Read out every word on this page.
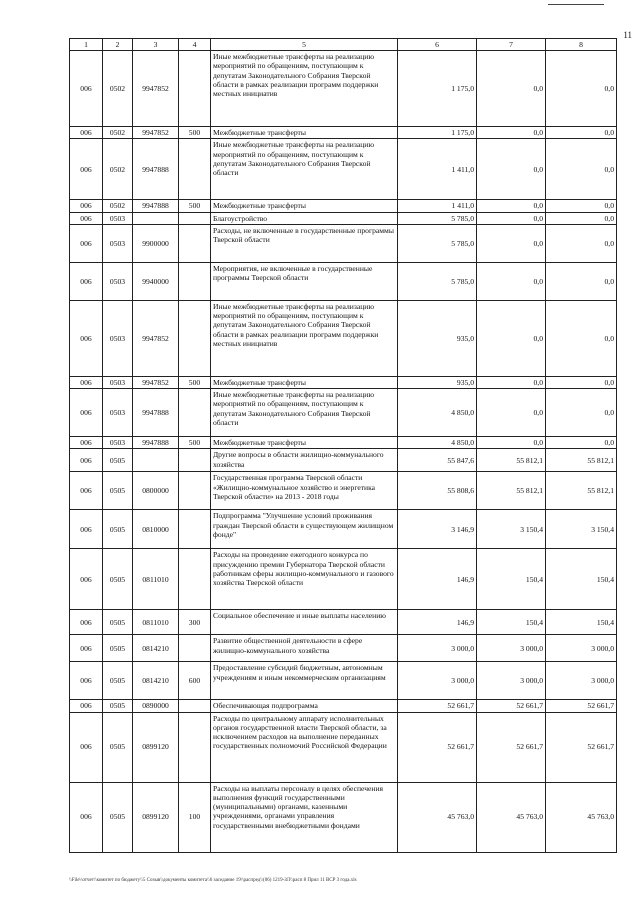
11
1	2	3	4	5	6	7	8
006	0502	9947852		Иные межбюджетные трансферты на реализацию мероприятий по обращениям, поступающим к депутатам Законодательного Собрания Тверской области в рамках реализации программ поддержки местных инициатив	1 175,0	0,0	0,0
006	0502	9947852	500	Межбюджетные трансферты	1 175,0	0,0	0,0
006	0502	9947888		Иные межбюджетные трансферты на реализацию мероприятий по обращениям, поступающим к депутатам Законодательного Собрания Тверской области	1 411,0	0,0	0,0
006	0502	9947888	500	Межбюджетные трансферты	1 411,0	0,0	0,0
006	0503			Благоустройство	5 785,0	0,0	0,0
006	0503	9900000		Расходы, не включенные в государственные программы Тверской области	5 785,0	0,0	0,0
006	0503	9940000		Мероприятия, не включенные в государственные программы Тверской области	5 785,0	0,0	0,0
006	0503	9947852		Иные межбюджетные трансферты на реализацию мероприятий по обращениям, поступающим к депутатам Законодательного Собрания Тверской области в рамках реализации программ поддержки местных инициатив	935,0	0,0	0,0
006	0503	9947852	500	Межбюджетные трансферты	935,0	0,0	0,0
006	0503	9947888		Иные межбюджетные трансферты на реализацию мероприятий по обращениям, поступающим к депутатам Законодательного Собрания Тверской области	4 850,0	0,0	0,0
006	0503	9947888	500	Межбюджетные трансферты	4 850,0	0,0	0,0
006	0505			Другие вопросы в области жилищно-коммунального хозяйства	55 847,6	55 812,1	55 812,1
006	0505	0800000		Государственная программа Тверской области «Жилищно-коммунальное хозяйство и энергетика Тверской области» на 2013 - 2018 годы	55 808,6	55 812,1	55 812,1
006	0505	0810000		Подпрограмма "Улучшение условий проживания граждан Тверской области в существующем жилищном фонде"	3 146,9	3 150,4	3 150,4
006	0505	0811010		Расходы на проведение ежегодного конкурса по присуждению премии Губернатора Тверской области работникам сферы жилищно-коммунального и газового хозяйства Тверской области	146,9	150,4	150,4
006	0505	0811010	300	Социальное обеспечение и иные выплаты населению	146,9	150,4	150,4
006	0505	0814210		Развитие общественной деятельности в сфере жилищно-коммунального хозяйства	3 000,0	3 000,0	3 000,0
006	0505	0814210	600	Предоставление субсидий бюджетным, автономным учреждениям и иным некоммерческим организациям	3 000,0	3 000,0	3 000,0
006	0505	0890000		Обеспечивающая подпрограмма	52 661,7	52 661,7	52 661,7
006	0505	0899120		Расходы по центральному аппарату исполнительных органов государственной власти Тверской области, за исключением расходов на выполнение переданных государственных полномочий Российской Федерации	52 661,7	52 661,7	52 661,7
006	0505	0899120	100	Расходы на выплаты персоналу в целях обеспечения выполнения функций государственными (муниципальными) органами, казенными учреждениями, органами управления государственными внебюджетными фондами	45 763,0	45 763,0	45 763,0
\\File\\отчет\\комитет по бюджету\\5 Созыв\\документы комитета\\6 заседание 19\\распред\\(06) 1219-ЗЛ\\расп 8 Прил 11 ВСР 3 года.xls
